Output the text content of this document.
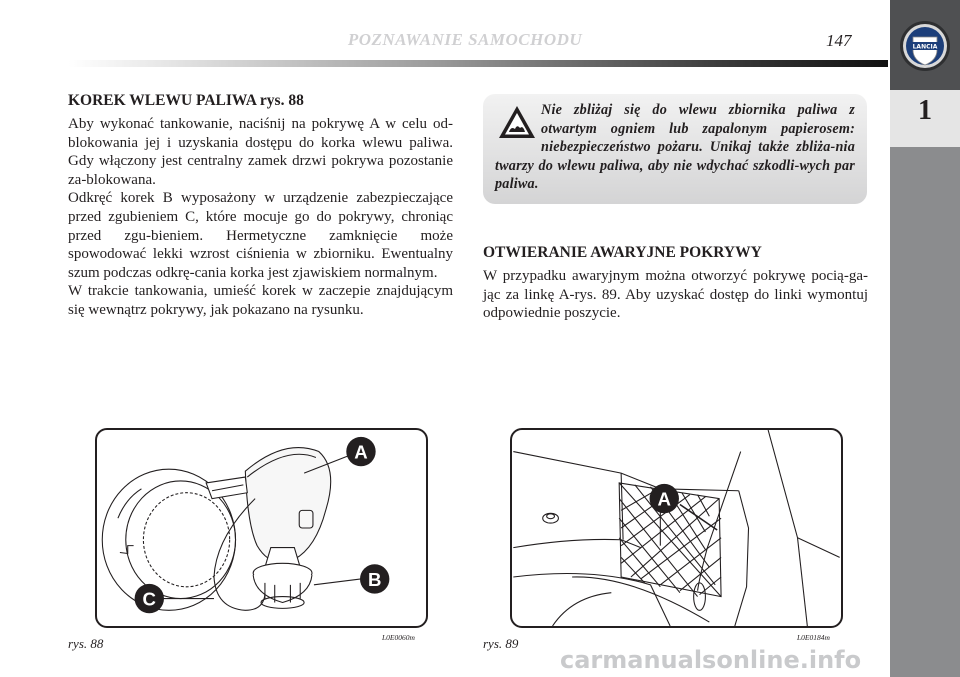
POZNAWANIE SAMOCHODU	147	LANCIA
1
KOREK WLEWU PALIWA rys. 88

Aby wykonać tankowanie, naciśnij na pokrywę A w celu od-blokowania jej i uzyskania dostępu do korka wlewu paliwa. Gdy włączony jest centralny zamek drzwi pokrywa pozostanie za-blokowana.

Odkręć korek B wyposażony w urządzenie zabezpieczające przed zgubieniem C, które mocuje go do pokrywy, chroniąc przed zgu-bieniem. Hermetyczne zamknięcie może spowodować lekki wzrost ciśnienia w zbiorniku. Ewentualny szum podczas odkrę-cania korka jest zjawiskiem normalnym.

W trakcie tankowania, umieść korek w zaczepie znajdującym się wewnątrz pokrywy, jak pokazano na rysunku.

Nie zbliżaj się do wlewu zbiornika paliwa z otwartym ogniem lub zapalonym papierosem: niebezpieczeństwo pożaru. Unikaj także zbliża-nia twarzy do wlewu paliwa, aby nie wdychać szkodli-wych par paliwa.
OTWIERANIE AWARYJNE POKRYWY
W przypadku awaryjnym można otworzyć pokrywę pocią-ga-jąc za linkę A-rys. 89. Aby uzyskać dostęp do linki wymontuj odpowiednie poszycie.
A
B
C
rys. 88	L0E0060m
A
rys. 89	L0E0184m
carmanualsonline.info
